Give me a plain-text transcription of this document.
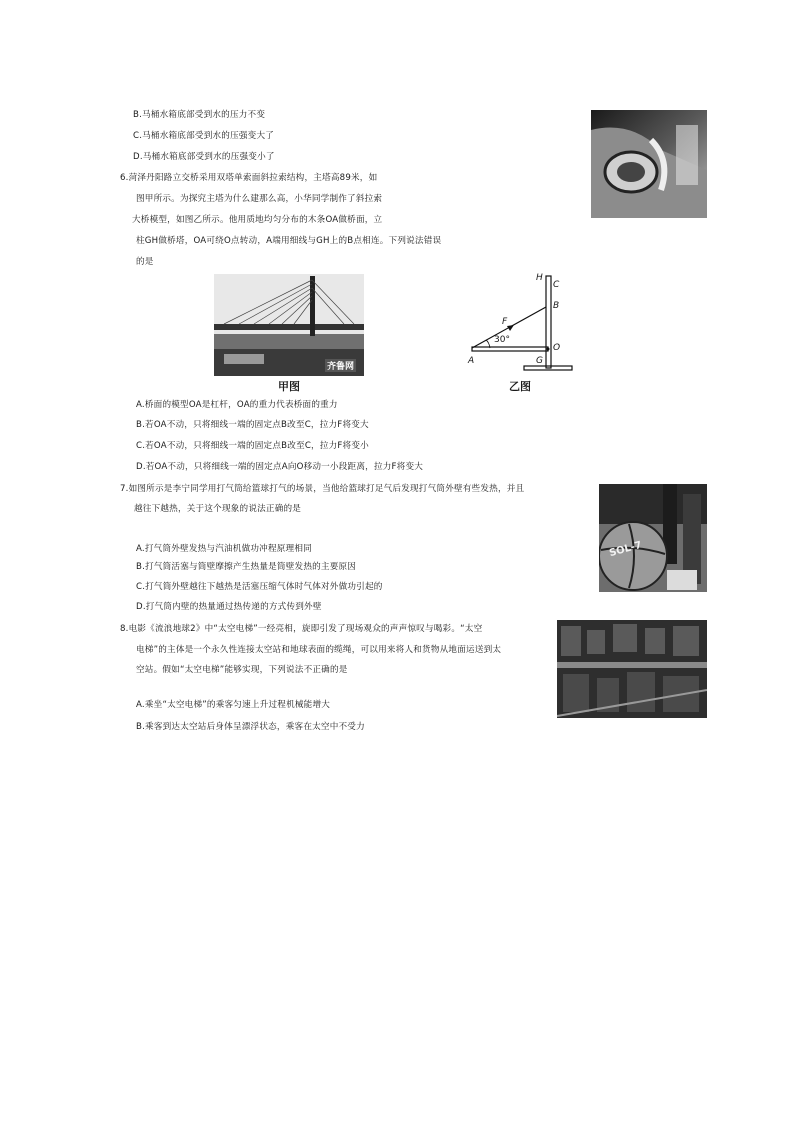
B.马桶水箱底部受到水的压力不变
C.马桶水箱底部受到水的压强变大了
D.马桶水箱底部受到水的压强变小了
6.菏泽丹阳路立交桥采用双塔单索面斜拉索结构，主塔高89米，如
图甲所示。为探究主塔为什么建那么高，小华同学制作了斜拉索
大桥模型，如图乙所示。他用质地均匀分布的木条OA做桥面，立
柱GH做桥塔，OA可绕O点转动，A端用细线与GH上的B点相连。下列说法错误
的是
齐鲁网
甲图
H
C
B
F
30°
A	G
O
乙图
A.桥面的模型OA是杠杆，OA的重力代表桥面的重力
B.若OA不动，只将细线一端的固定点B改至C，拉力F将变大
C.若OA不动，只将细线一端的固定点B改至C，拉力F将变小
D.若OA不动，只将细线一端的固定点A向O移动一小段距离，拉力F将变大
7.如图所示是李宁同学用打气筒给篮球打气的场景，当他给篮球打足气后发现打气筒外壁有些发热，并且
越往下越热，关于这个现象的说法正确的是
SOL-7
A.打气筒外壁发热与汽油机做功冲程原理相同
B.打气筒活塞与筒壁摩擦产生热量是筒壁发热的主要原因
C.打气筒外壁越往下越热是活塞压缩气体时气体对外做功引起的
D.打气筒内壁的热量通过热传递的方式传到外壁
8.电影《流浪地球2》中“太空电梯”一经亮相，旋即引发了现场观众的声声惊叹与喝彩。“太空
电梯”的主体是一个永久性连接太空站和地球表面的缆绳，可以用来将人和货物从地面运送到太
空站。假如“太空电梯”能够实现，下列说法不正确的是
A.乘坐“太空电梯”的乘客匀速上升过程机械能增大
B.乘客到达太空站后身体呈漂浮状态，乘客在太空中不受力
